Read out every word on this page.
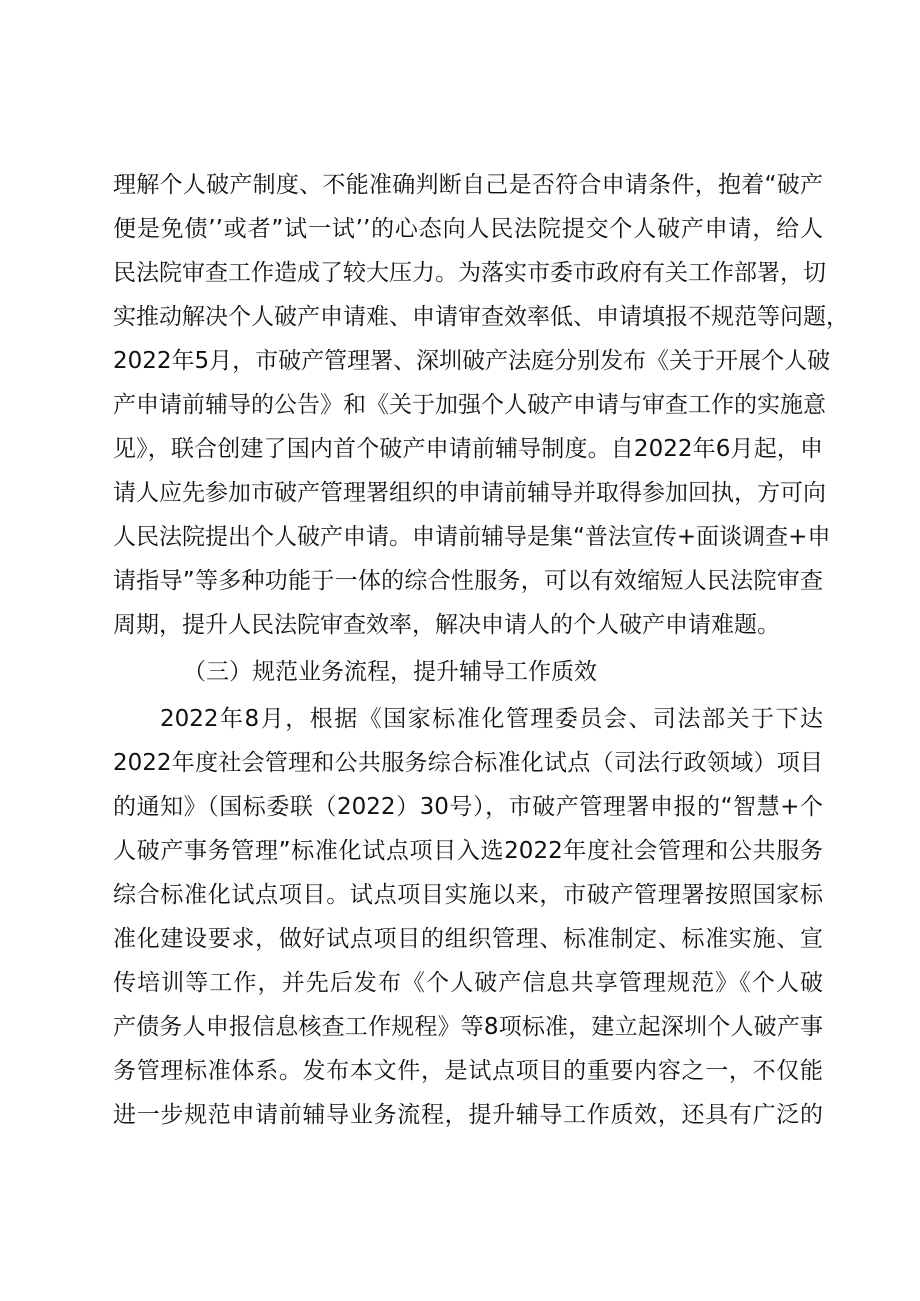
理解个人破产制度、不能准确判断自己是否符合申请条件，抱着“破产
便是免债’’或者”试一试’’的心态向人民法院提交个人破产申请，给人
民法院审查工作造成了较大压力。为落实市委市政府有关工作部署，切
实推动解决个人破产申请难、申请审查效率低、申请填报不规范等问题，
2022年5月，市破产管理署、深圳破产法庭分别发布《关于开展个人破
产申请前辅导的公告》和《关于加强个人破产申请与审查工作的实施意
见》，联合创建了国内首个破产申请前辅导制度。自2022年6月起，申
请人应先参加市破产管理署组织的申请前辅导并取得参加回执，方可向
人民法院提出个人破产申请。申请前辅导是集“普法宣传+面谈调查+申
请指导”等多种功能于一体的综合性服务，可以有效缩短人民法院审查
周期，提升人民法院审查效率，解决申请人的个人破产申请难题。
（三）规范业务流程，提升辅导工作质效
2022年8月，根据《国家标准化管理委员会、司法部关于下达
2022年度社会管理和公共服务综合标准化试点（司法行政领域）项目
的通知》（国标委联（2022）30号），市破产管理署申报的“智慧+个
人破产事务管理”标准化试点项目入选2022年度社会管理和公共服务
综合标准化试点项目。试点项目实施以来，市破产管理署按照国家标
准化建设要求，做好试点项目的组织管理、标准制定、标准实施、宣
传培训等工作，并先后发布《个人破产信息共享管理规范》《个人破
产债务人申报信息核查工作规程》等8项标准，建立起深圳个人破产事
务管理标准体系。发布本文件，是试点项目的重要内容之一，不仅能
进一步规范申请前辅导业务流程，提升辅导工作质效，还具有广泛的
